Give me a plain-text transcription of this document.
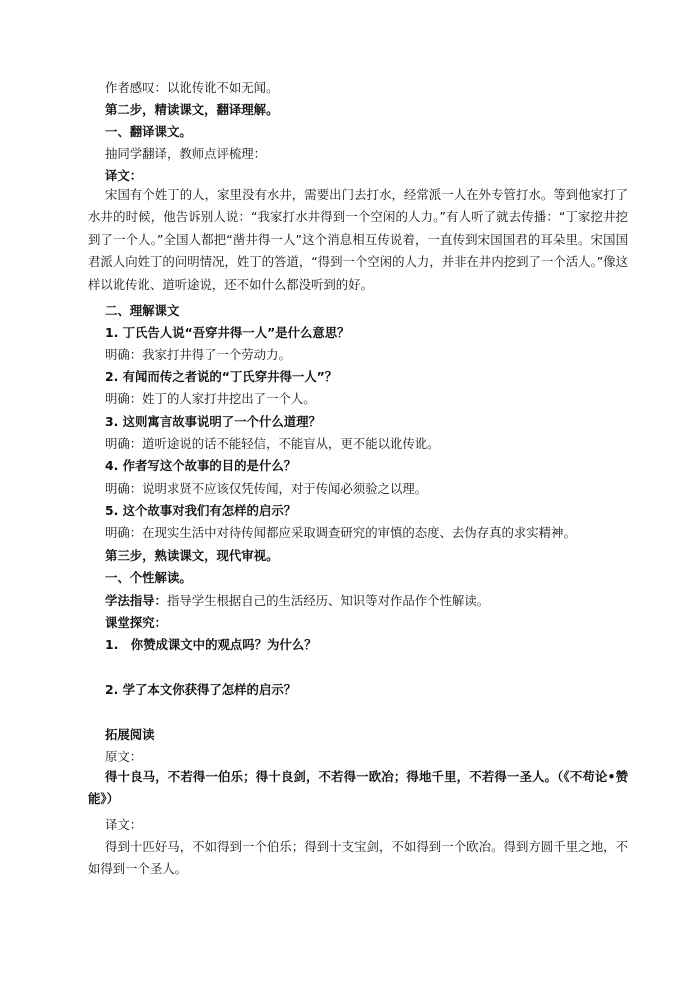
作者感叹：以讹传讹不如无闻。
第二步，精读课文，翻译理解。
一、翻译课文。
抽同学翻译，教师点评梳理：
译文：
宋国有个姓丁的人，家里没有水井，需要出门去打水，经常派一人在外专管打水。等到他家打了水井的时候，他告诉别人说：“我家打水井得到一个空闲的人力。”有人听了就去传播：“丁家挖井挖到了一个人。”全国人都把“凿井得一人”这个消息相互传说着，一直传到宋国国君的耳朵里。宋国国君派人向姓丁的问明情况，姓丁的答道，“得到一个空闲的人力，并非在井内挖到了一个活人。”像这样以讹传讹、道听途说，还不如什么都没听到的好。
二、理解课文
1. 丁氏告人说“吾穿井得一人”是什么意思？
明确：我家打井得了一个劳动力。
2. 有闻而传之者说的“丁氏穿井得一人”？
明确：姓丁的人家打井挖出了一个人。
3. 这则寓言故事说明了一个什么道理？
明确：道听途说的话不能轻信，不能盲从，更不能以讹传讹。
4. 作者写这个故事的目的是什么？
明确：说明求贤不应该仅凭传闻，对于传闻必须验之以理。
5. 这个故事对我们有怎样的启示？
明确：在现实生活中对待传闻都应采取调查研究的审慎的态度、去伪存真的求实精神。
第三步，熟读课文，现代审视。
一、个性解读。
学法指导：指导学生根据自己的生活经历、知识等对作品作个性解读。
课堂探究：
1.　你赞成课文中的观点吗？为什么？
2. 学了本文你获得了怎样的启示？
拓展阅读
原文：
得十良马，不若得一伯乐；得十良剑，不若得一欧冶；得地千里，不若得一圣人。（《不苟论•赞能》）
译文：
得到十匹好马，不如得到一个伯乐；得到十支宝剑，不如得到一个欧冶。得到方圆千里之地，不如得到一个圣人。
